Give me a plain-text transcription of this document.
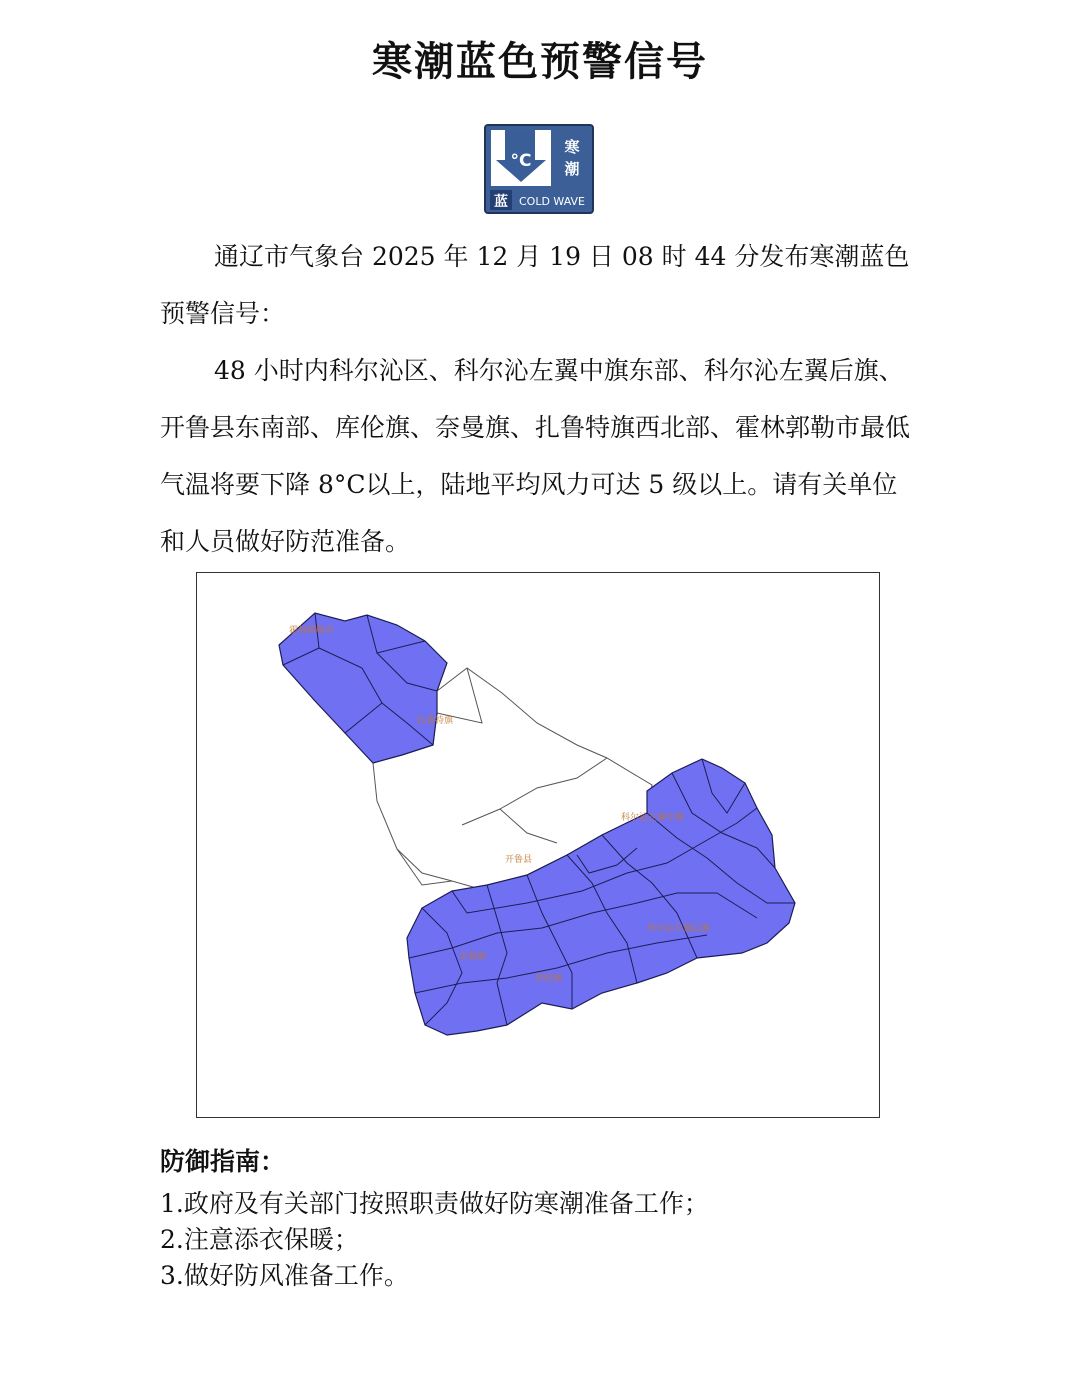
寒潮蓝色预警信号
°C
寒
潮
蓝 COLD WAVE

通辽市气象台 2025 年 12 月 19 日 08 时 44 分发布寒潮蓝色预警信号：

48 小时内科尔沁区、科尔沁左翼中旗东部、科尔沁左翼后旗、开鲁县东南部、库伦旗、奈曼旗、扎鲁特旗西北部、霍林郭勒市最低气温将要下降 8°C以上，陆地平均风力可达 5 级以上。请有关单位和人员做好防范准备。

霍林郭勒市
扎鲁特旗
科尔沁左翼中旗
开鲁县
奈曼旗
库伦旗
科尔沁左翼后旗
防御指南：
1.政府及有关部门按照职责做好防寒潮准备工作；
2.注意添衣保暖；
3.做好防风准备工作。
